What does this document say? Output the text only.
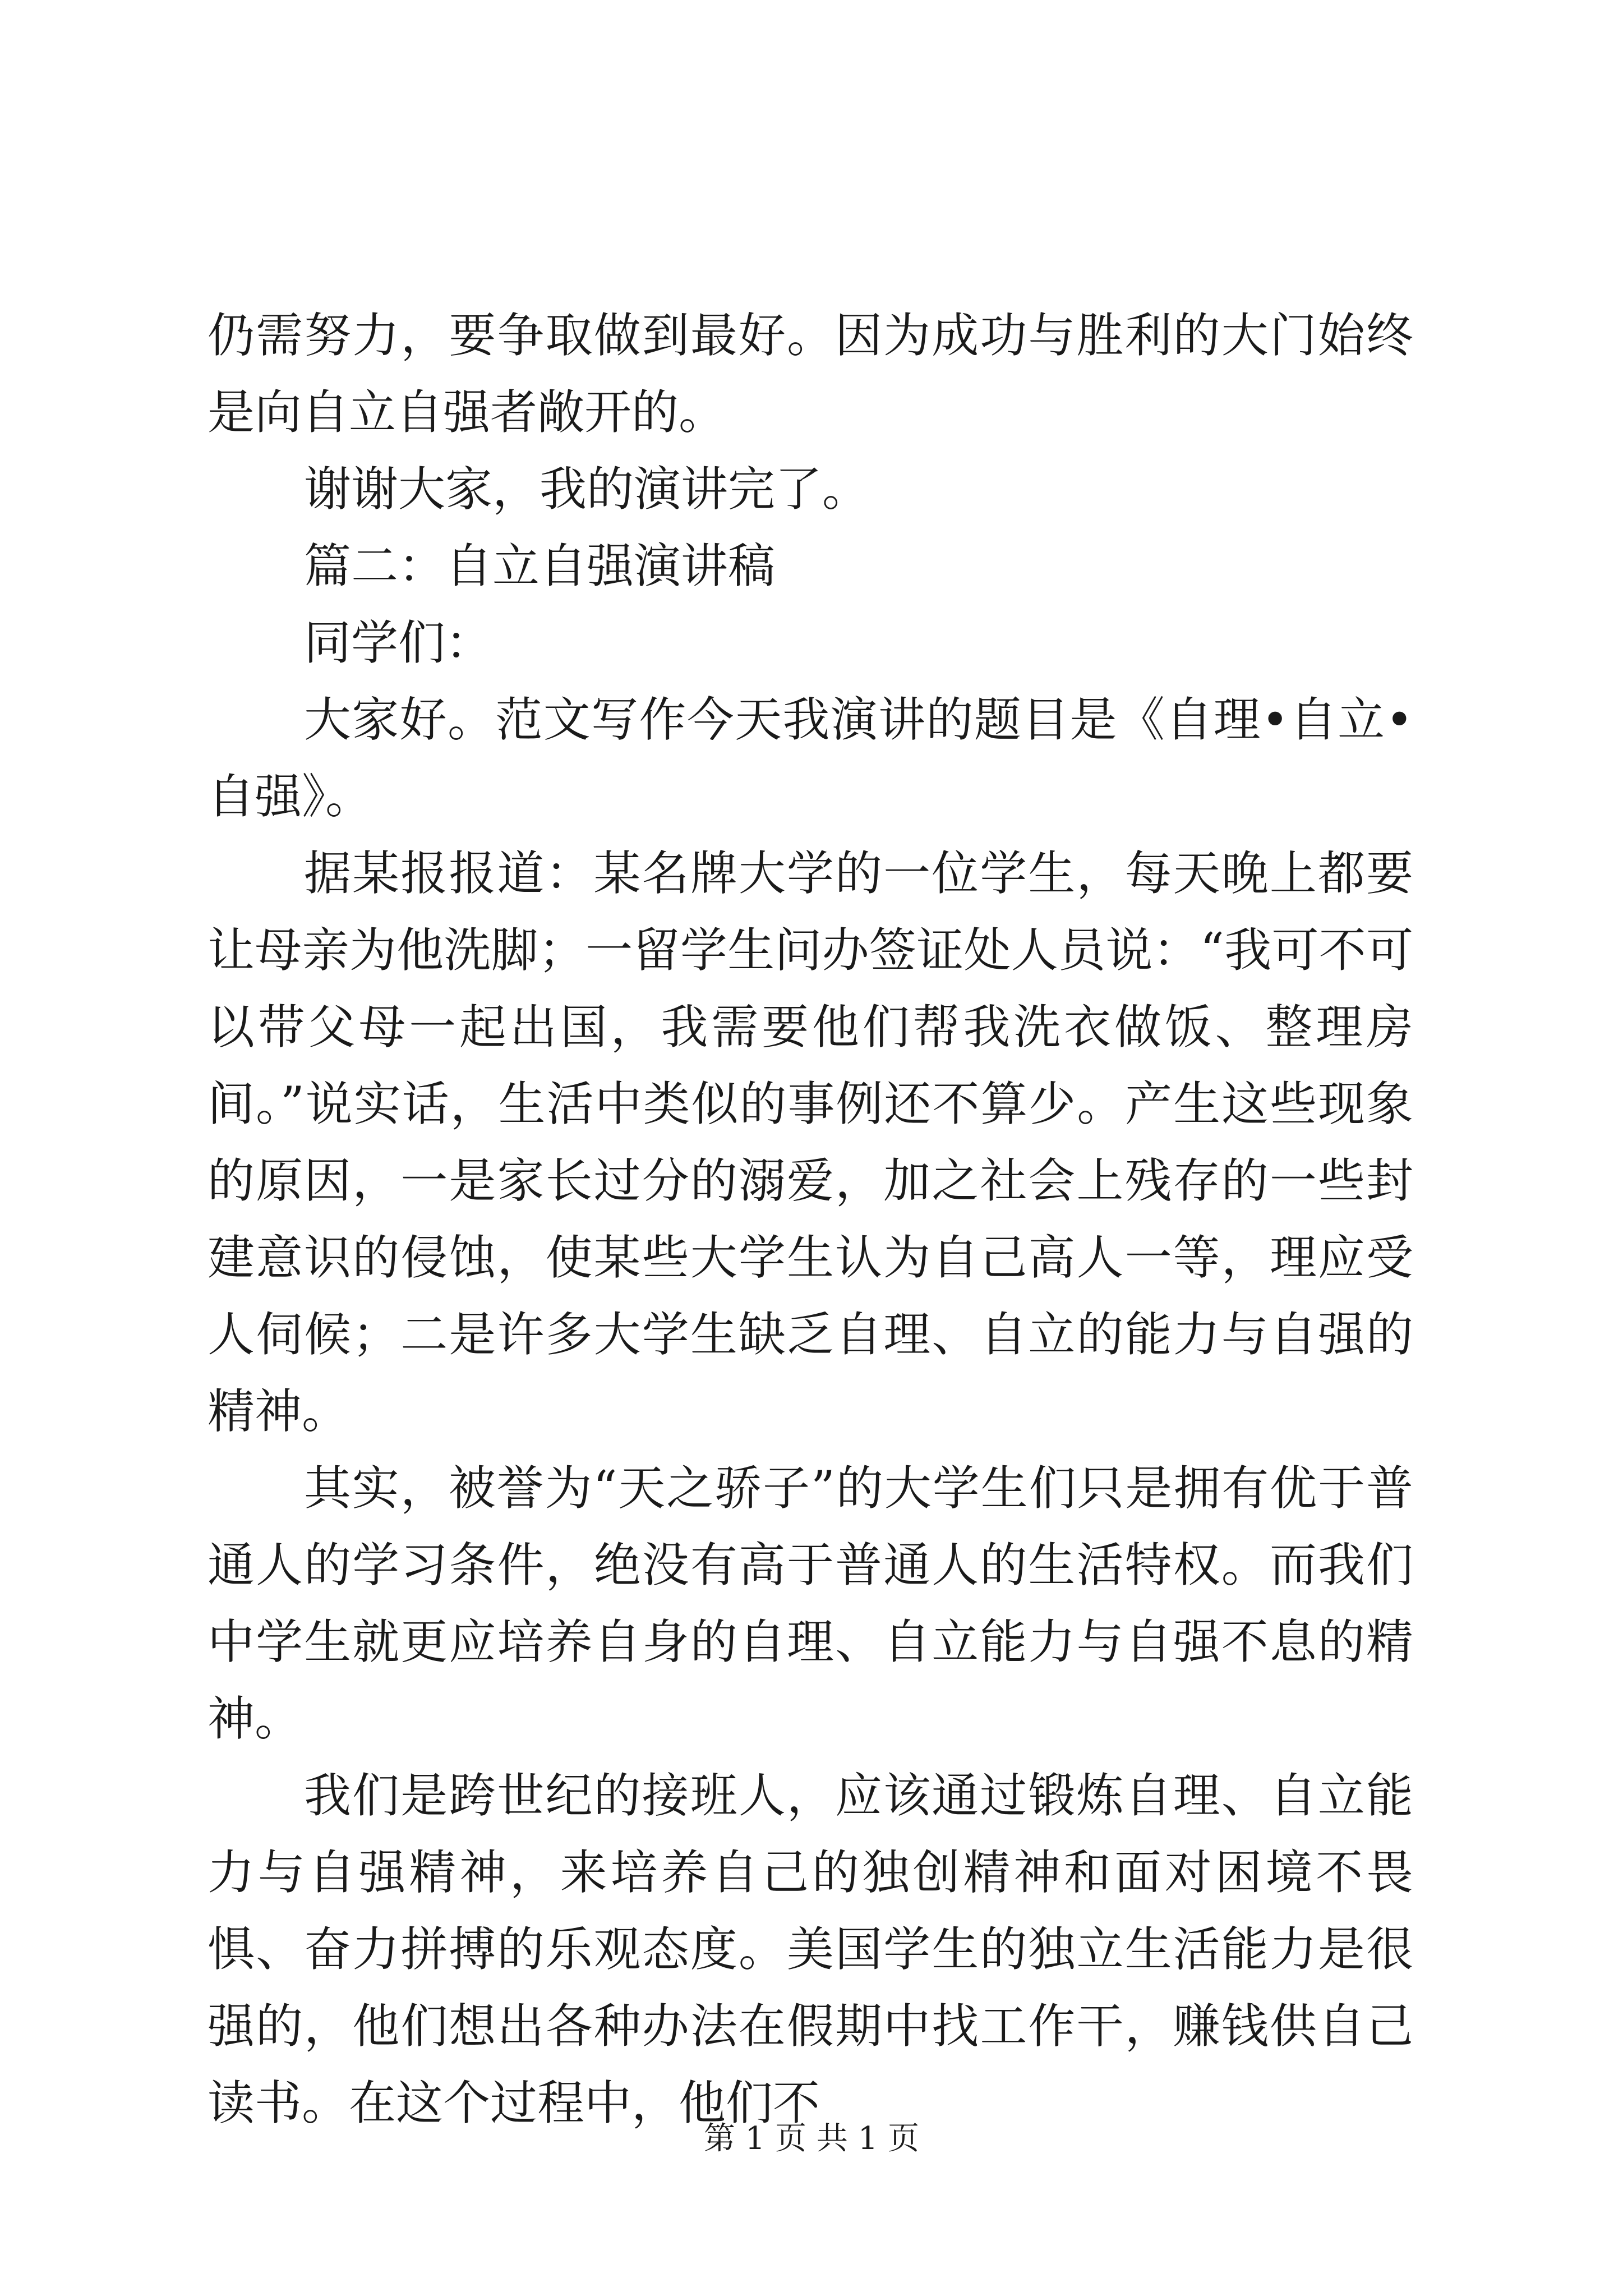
仍需努力，要争取做到最好。因为成功与胜利的大门始终是向自立自强者敞开的。

谢谢大家，我的演讲完了。

篇二：自立自强演讲稿

同学们：

大家好。范文写作今天我演讲的题目是《自理•自立•自强》。

据某报报道：某名牌大学的一位学生，每天晚上都要让母亲为他洗脚；一留学生问办签证处人员说：“我可不可以带父母一起出国，我需要他们帮我洗衣做饭、整理房间。”说实话，生活中类似的事例还不算少。产生这些现象的原因，一是家长过分的溺爱，加之社会上残存的一些封建意识的侵蚀，使某些大学生认为自己高人一等，理应受人伺候；二是许多大学生缺乏自理、自立的能力与自强的精神。

其实，被誉为“天之骄子”的大学生们只是拥有优于普通人的学习条件，绝没有高于普通人的生活特权。而我们中学生就更应培养自身的自理、自立能力与自强不息的精神。

我们是跨世纪的接班人，应该通过锻炼自理、自立能力与自强精神，来培养自己的独创精神和面对困境不畏惧、奋力拼搏的乐观态度。美国学生的独立生活能力是很强的，他们想出各种办法在假期中找工作干，赚钱供自己读书。在这个过程中，他们不

第 1 页 共 1 页
